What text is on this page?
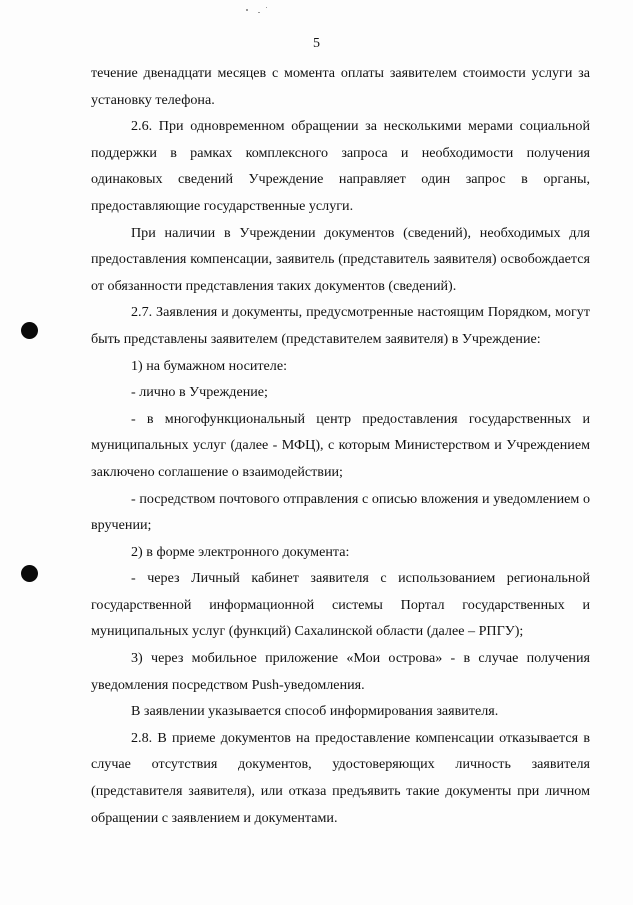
5

течение двенадцати месяцев с момента оплаты заявителем стоимости услуги за установку телефона.

2.6. При одновременном обращении за несколькими мерами социальной поддержки в рамках комплексного запроса и необходимости получения одинаковых сведений Учреждение направляет один запрос в органы, предоставляющие государственные услуги.

При наличии в Учреждении документов (сведений), необходимых для предоставления компенсации, заявитель (представитель заявителя) освобождается от обязанности представления таких документов (сведений).

2.7. Заявления и документы, предусмотренные настоящим Порядком, могут быть представлены заявителем (представителем заявителя) в Учреждение:

1) на бумажном носителе:

- лично в Учреждение;

- в многофункциональный центр предоставления государственных и муниципальных услуг (далее - МФЦ), с которым Министерством и Учреждением заключено соглашение о взаимодействии;

- посредством почтового отправления с описью вложения и уведомлением о вручении;

2) в форме электронного документа:

- через Личный кабинет заявителя с использованием региональной государственной информационной системы Портал государственных и муниципальных услуг (функций) Сахалинской области (далее – РПГУ);

3) через мобильное приложение «Мои острова» - в случае получения уведомления посредством Push-уведомления.

В заявлении указывается способ информирования заявителя.

2.8. В приеме документов на предоставление компенсации отказывается в случае отсутствия документов, удостоверяющих личность заявителя (представителя заявителя), или отказа предъявить такие документы при личном обращении с заявлением и документами.
